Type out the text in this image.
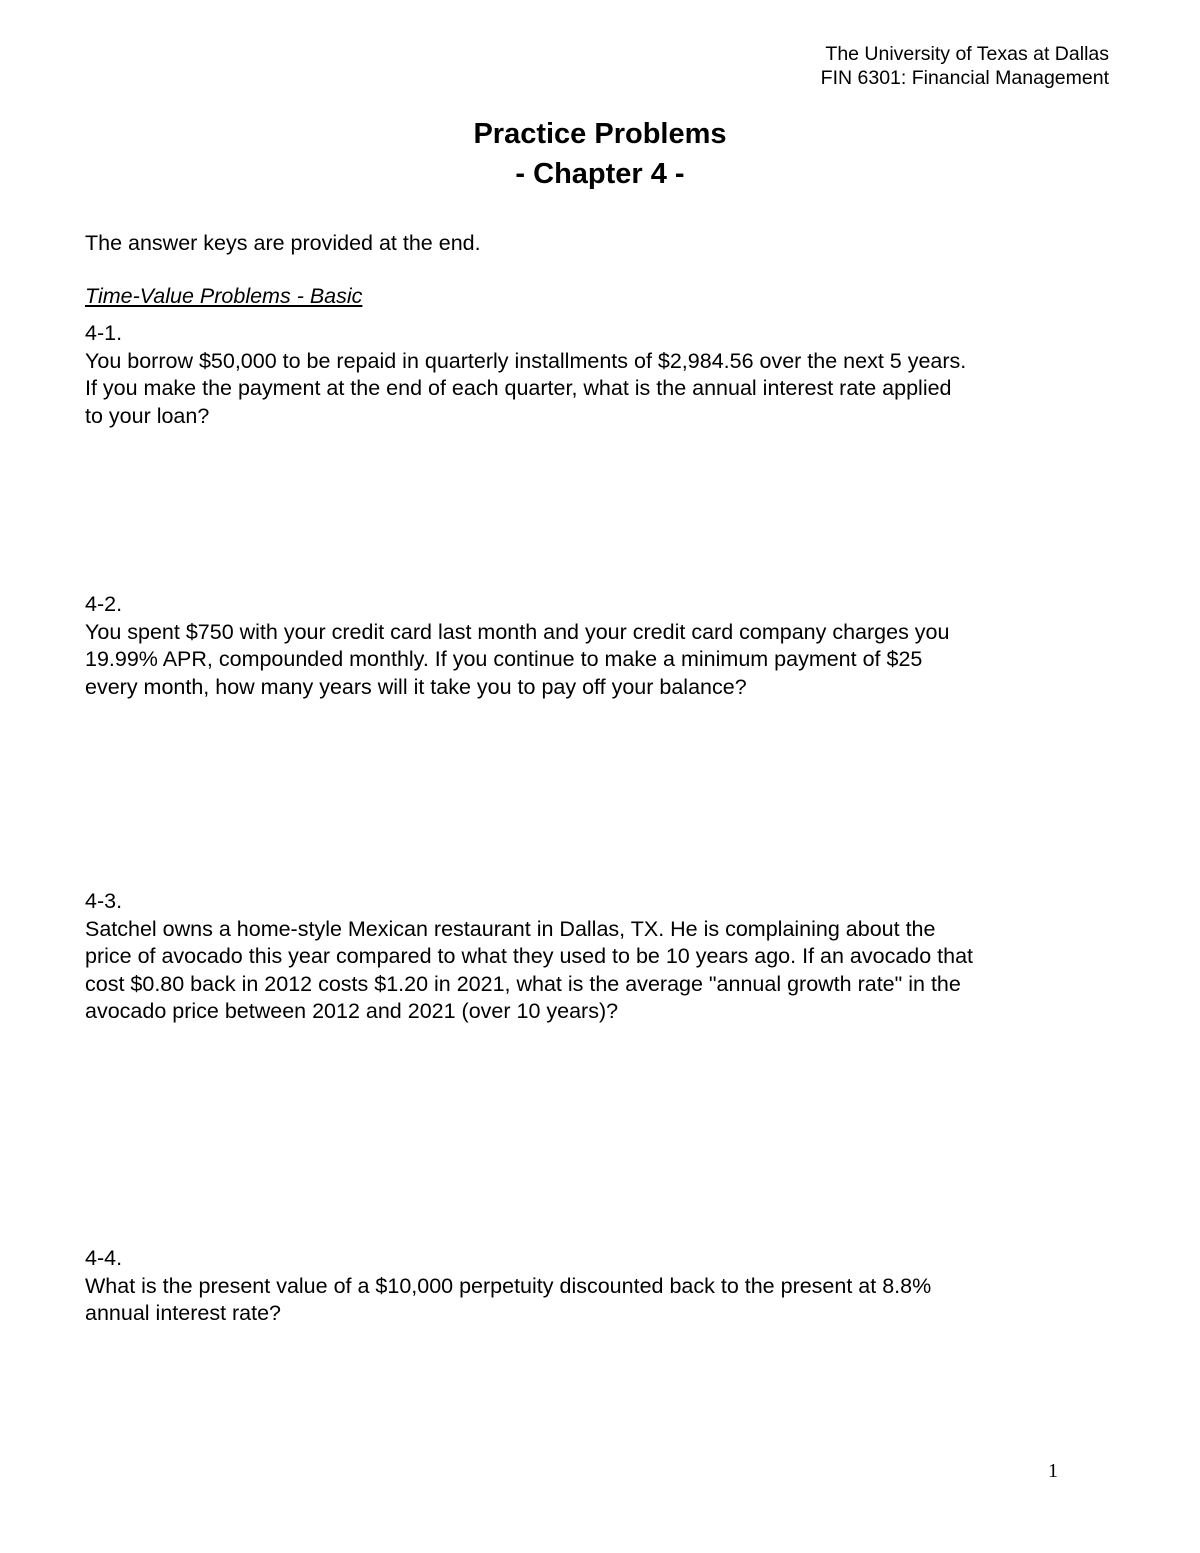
The University of Texas at Dallas
FIN 6301: Financial Management
Practice Problems
- Chapter 4 -
The answer keys are provided at the end.
Time-Value Problems - Basic
4-1.
You borrow $50,000 to be repaid in quarterly installments of $2,984.56 over the next 5 years.
If you make the payment at the end of each quarter, what is the annual interest rate applied
to your loan?
4-2.
You spent $750 with your credit card last month and your credit card company charges you
19.99% APR, compounded monthly. If you continue to make a minimum payment of $25
every month, how many years will it take you to pay off your balance?
4-3.
Satchel owns a home-style Mexican restaurant in Dallas, TX. He is complaining about the
price of avocado this year compared to what they used to be 10 years ago. If an avocado that
cost $0.80 back in 2012 costs $1.20 in 2021, what is the average "annual growth rate" in the
avocado price between 2012 and 2021 (over 10 years)?
4-4.
What is the present value of a $10,000 perpetuity discounted back to the present at 8.8%
annual interest rate?
1
